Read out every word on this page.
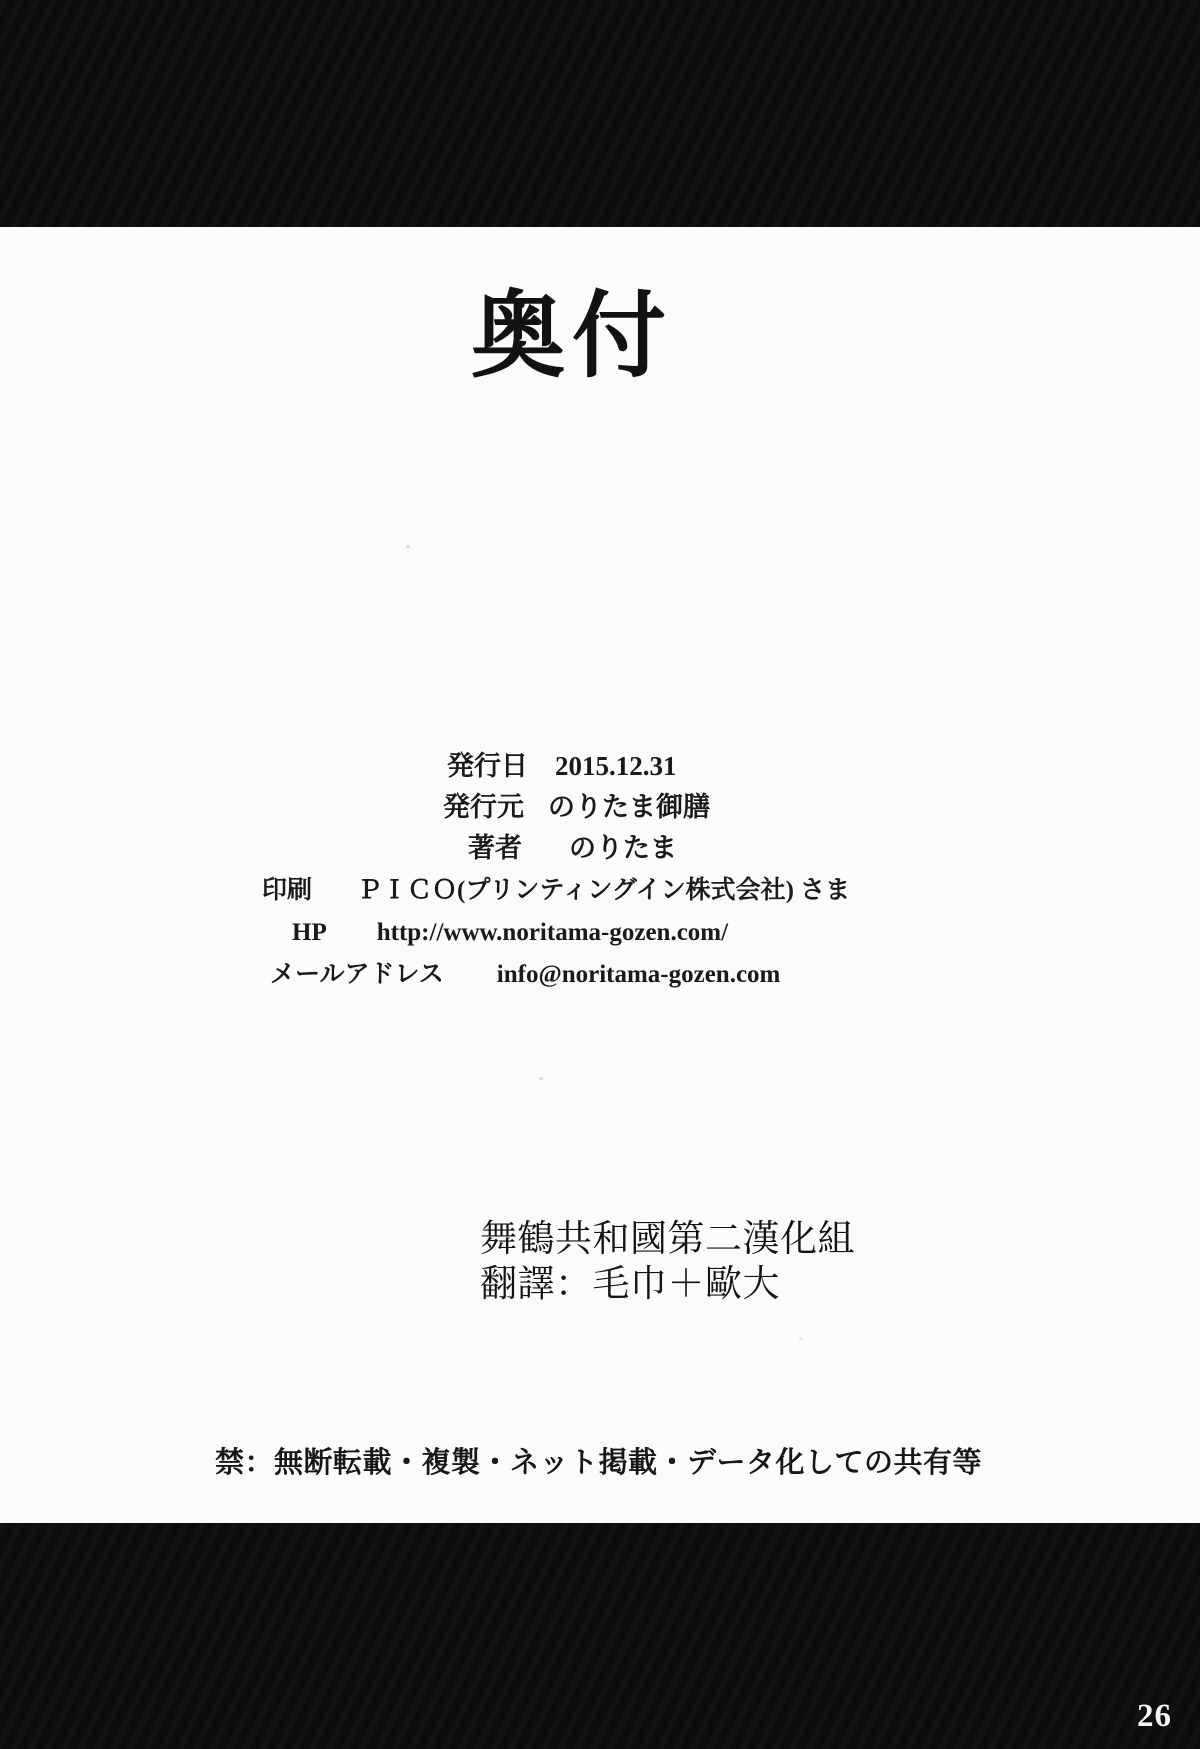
奥付
発行日 2015.12.31
発行元 のりたま御膳
著者 のりたま
印刷 ＰＩＣＯ(プリンティングイン株式会社) さま
HP http://www.noritama-gozen.com/
メールアドレス info@noritama-gozen.com
舞鶴共和國第二漢化組
翻譯：毛巾＋歐大
禁：無断転載・複製・ネット掲載・データ化しての共有等
26
